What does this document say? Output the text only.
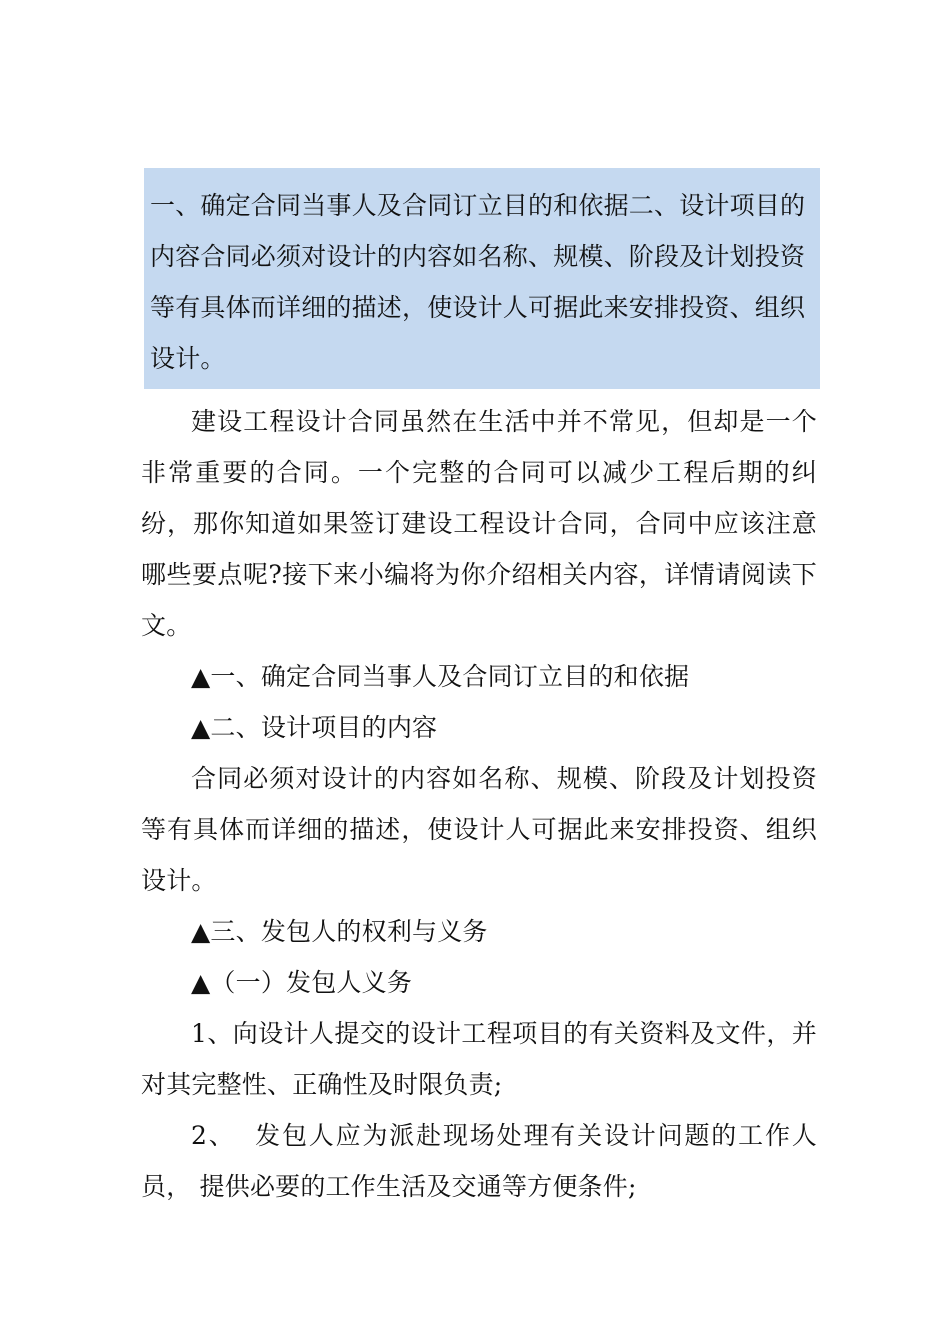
一、确定合同当事人及合同订立目的和依据二、设计项目的内容合同必须对设计的内容如名称、规模、阶段及计划投资等有具体而详细的描述，使设计人可据此来安排投资、组织设计。

建设工程设计合同虽然在生活中并不常见，但却是一个非常重要的合同。一个完整的合同可以减少工程后期的纠纷，那你知道如果签订建设工程设计合同，合同中应该注意哪些要点呢?接下来小编将为你介绍相关内容，详情请阅读下文。

▲一、确定合同当事人及合同订立目的和依据

▲二、设计项目的内容

合同必须对设计的内容如名称、规模、阶段及计划投资等有具体而详细的描述，使设计人可据此来安排投资、组织设计。

▲三、发包人的权利与义务

▲（一）发包人义务

1、向设计人提交的设计工程项目的有关资料及文件，并对其完整性、正确性及时限负责;

2、  发包人应为派赴现场处理有关设计问题的工作人员， 提供必要的工作生活及交通等方便条件;
